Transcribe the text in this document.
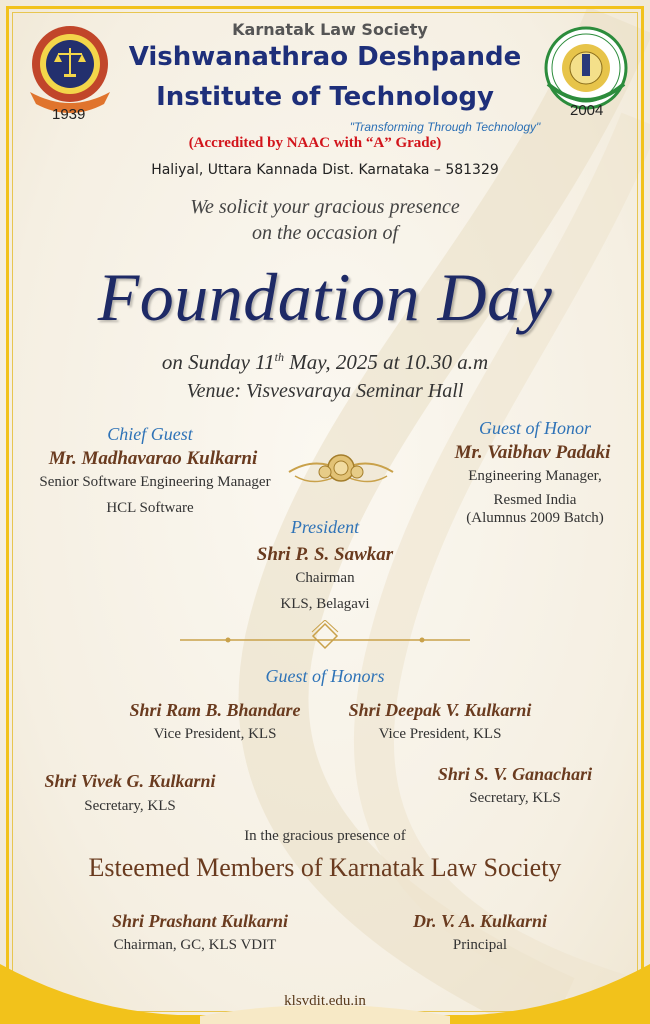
1939	2004
Karnatak Law Society
Vishwanathrao Deshpande
Institute of Technology
"Transforming Through Technology"
(Accredited by NAAC with “A” Grade)
Haliyal, Uttara Kannada Dist. Karnataka – 581329
We solicit your gracious presence
on the occasion of
Foundation Day
on Sunday 11th May, 2025 at 10.30 a.m
Venue: Visvesvaraya Seminar Hall
Chief Guest
Mr. Madhavarao Kulkarni
Senior Software Engineering Manager
HCL Software
Guest of Honor
Mr. Vaibhav Padaki
Engineering Manager,
Resmed India
(Alumnus 2009 Batch)
President
Shri P. S. Sawkar
Chairman
KLS, Belagavi
Guest of Honors
Shri Ram B. Bhandare
Vice President, KLS
Shri Deepak V. Kulkarni
Vice President, KLS
Shri Vivek G. Kulkarni
Secretary, KLS
Shri S. V. Ganachari
Secretary, KLS
In the gracious presence of
Esteemed Members of Karnatak Law Society
Shri Prashant Kulkarni
Chairman, GC, KLS VDIT
Dr. V. A. Kulkarni
Principal
klsvdit.edu.in
